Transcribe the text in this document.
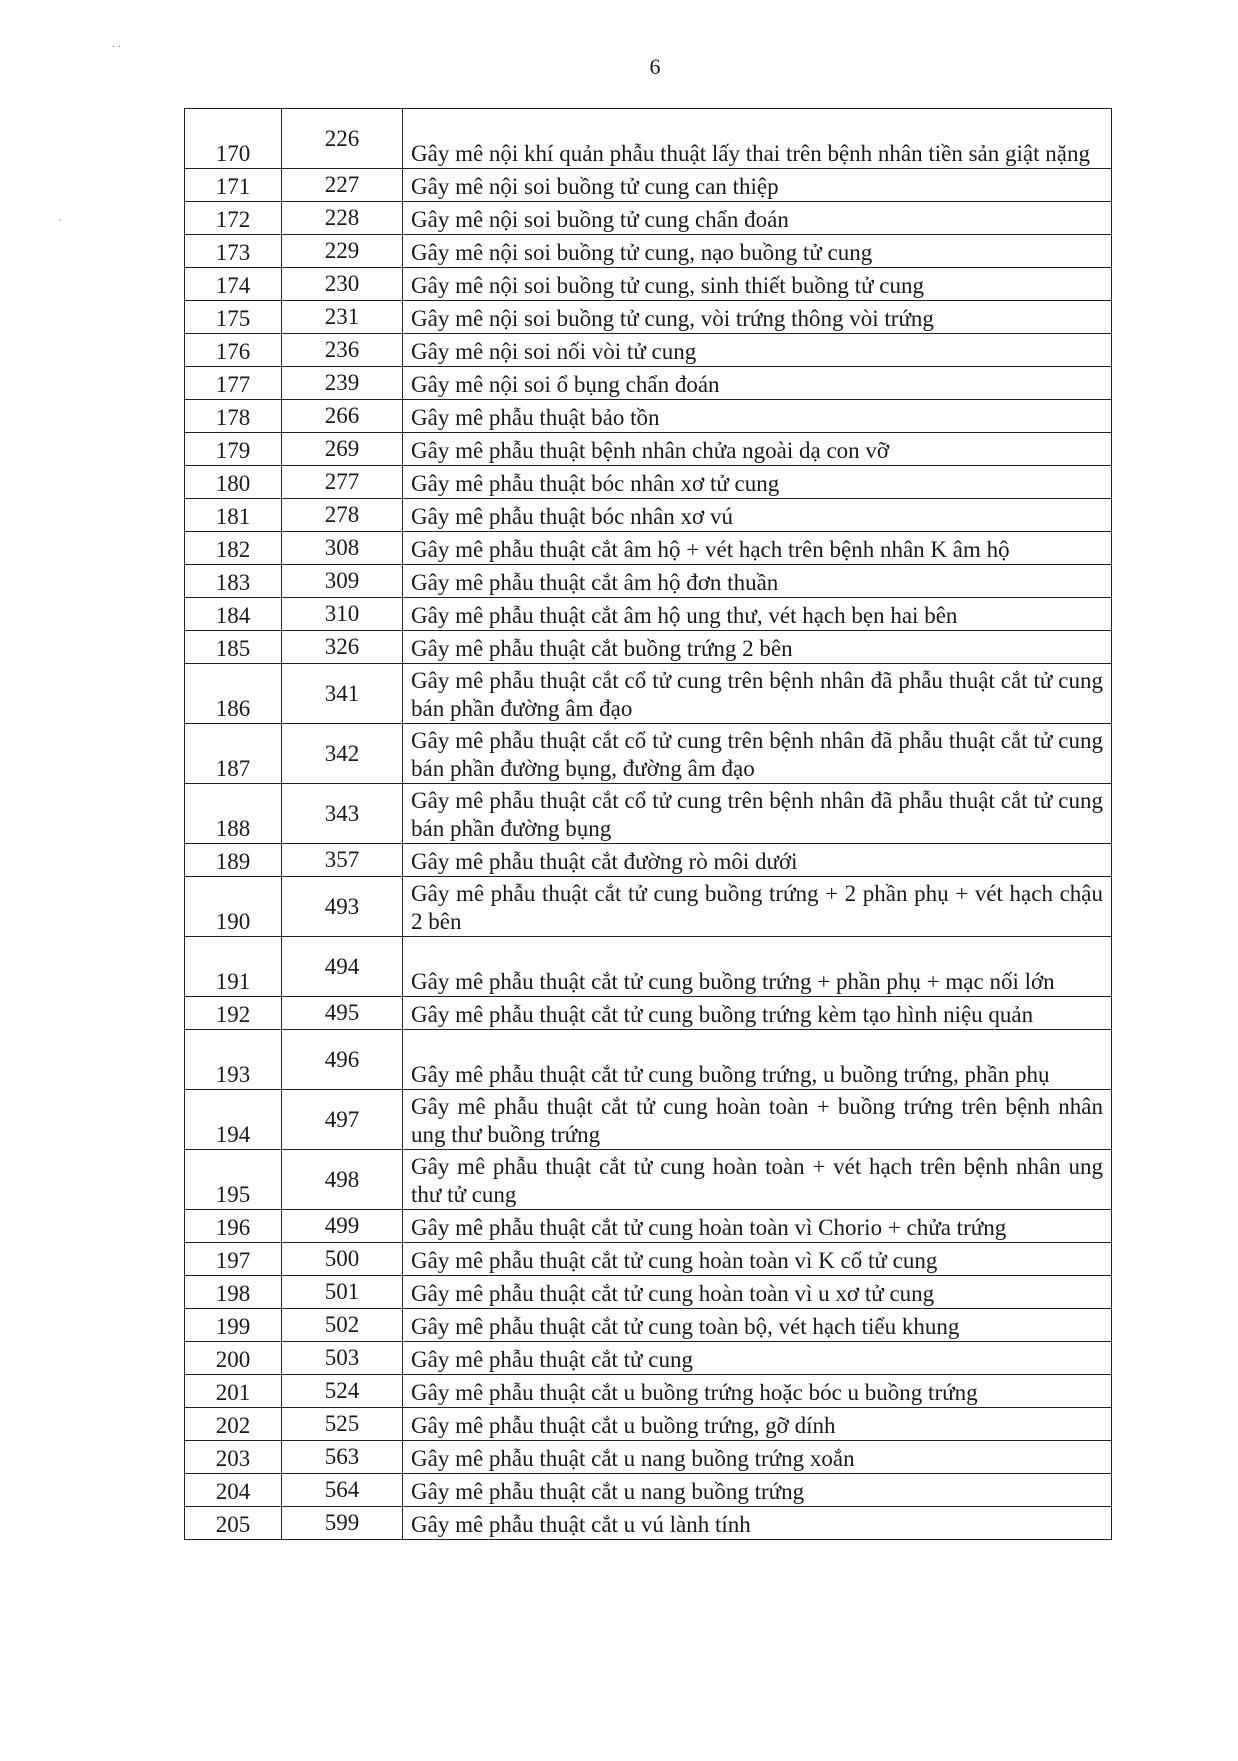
6
· ·
·
170	226	Gây mê nội khí quản phẫu thuật lấy thai trên bệnh nhân tiền sản giật nặng
171	227	Gây mê nội soi buồng tử cung can thiệp
172	228	Gây mê nội soi buồng tử cung chẩn đoán
173	229	Gây mê nội soi buồng tử cung, nạo buồng tử cung
174	230	Gây mê nội soi buồng tử cung, sinh thiết buồng tử cung
175	231	Gây mê nội soi buồng tử cung, vòi trứng thông vòi trứng
176	236	Gây mê nội soi nối vòi tử cung
177	239	Gây mê nội soi ổ bụng chẩn đoán
178	266	Gây mê phẫu thuật bảo tồn
179	269	Gây mê phẫu thuật bệnh nhân chửa ngoài dạ con vỡ
180	277	Gây mê phẫu thuật bóc nhân xơ tử cung
181	278	Gây mê phẫu thuật bóc nhân xơ vú
182	308	Gây mê phẫu thuật cắt âm hộ + vét hạch trên bệnh nhân K âm hộ
183	309	Gây mê phẫu thuật cắt âm hộ đơn thuần
184	310	Gây mê phẫu thuật cắt âm hộ ung thư, vét hạch bẹn hai bên
185	326	Gây mê phẫu thuật cắt buồng trứng 2 bên
186	341	Gây mê phẫu thuật cắt cổ tử cung trên bệnh nhân đã phẫu thuật cắt tử cung bán phần đường âm đạo
187	342	Gây mê phẫu thuật cắt cổ tử cung trên bệnh nhân đã phẫu thuật cắt tử cung bán phần đường bụng, đường âm đạo
188	343	Gây mê phẫu thuật cắt cổ tử cung trên bệnh nhân đã phẫu thuật cắt tử cung bán phần đường bụng
189	357	Gây mê phẫu thuật cắt đường rò môi dưới
190	493	Gây mê phẫu thuật cắt tử cung buồng trứng + 2 phần phụ + vét hạch chậu 2 bên
191	494	Gây mê phẫu thuật cắt tử cung buồng trứng + phần phụ + mạc nối lớn
192	495	Gây mê phẫu thuật cắt tử cung buồng trứng kèm tạo hình niệu quản
193	496	Gây mê phẫu thuật cắt tử cung buồng trứng, u buồng trứng, phần phụ
194	497	Gây mê phẫu thuật cắt tử cung hoàn toàn + buồng trứng trên bệnh nhân ung thư buồng trứng
195	498	Gây mê phẫu thuật cắt tử cung hoàn toàn + vét hạch trên bệnh nhân ung thư tử cung
196	499	Gây mê phẫu thuật cắt tử cung hoàn toàn vì Chorio + chửa trứng
197	500	Gây mê phẫu thuật cắt tử cung hoàn toàn vì K cổ tử cung
198	501	Gây mê phẫu thuật cắt tử cung hoàn toàn vì u xơ tử cung
199	502	Gây mê phẫu thuật cắt tử cung toàn bộ, vét hạch tiểu khung
200	503	Gây mê phẫu thuật cắt tử cung
201	524	Gây mê phẫu thuật cắt u buồng trứng hoặc bóc u buồng trứng
202	525	Gây mê phẫu thuật cắt u buồng trứng, gỡ dính
203	563	Gây mê phẫu thuật cắt u nang buồng trứng xoắn
204	564	Gây mê phẫu thuật cắt u nang buồng trứng
205	599	Gây mê phẫu thuật cắt u vú lành tính
